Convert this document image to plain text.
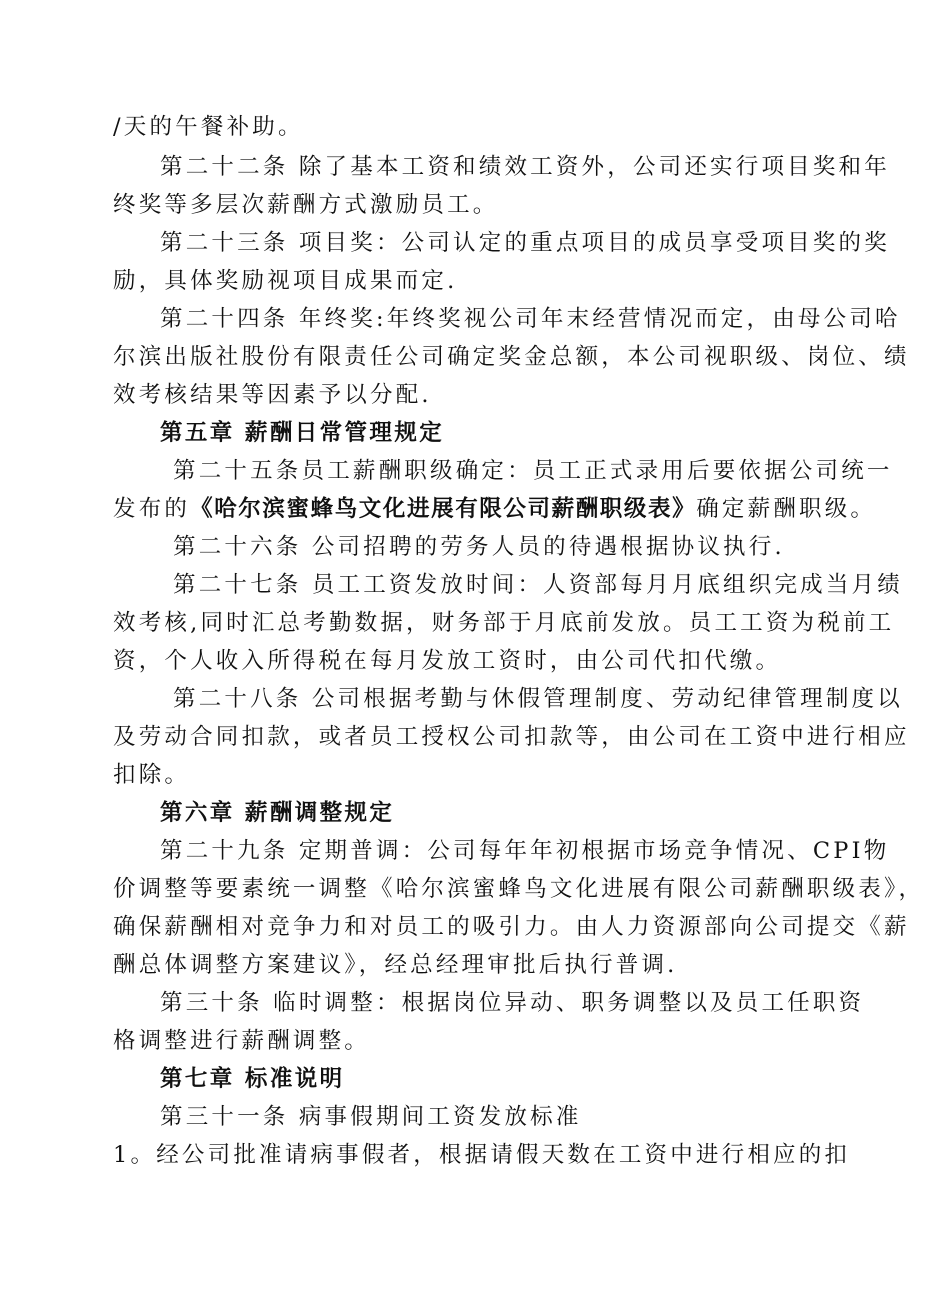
/天的午餐补助。
第二十二条 除了基本工资和绩效工资外，公司还实行项目奖和年
终奖等多层次薪酬方式激励员工。
第二十三条 项目奖：公司认定的重点项目的成员享受项目奖的奖
励，具体奖励视项目成果而定.
第二十四条 年终奖:年终奖视公司年末经营情况而定，由母公司哈
尔滨出版社股份有限责任公司确定奖金总额，本公司视职级、岗位、绩
效考核结果等因素予以分配.
第五章 薪酬日常管理规定
第二十五条员工薪酬职级确定：员工正式录用后要依据公司统一
发布的《哈尔滨蜜蜂鸟文化进展有限公司薪酬职级表》确定薪酬职级。
第二十六条 公司招聘的劳务人员的待遇根据协议执行.
第二十七条 员工工资发放时间：人资部每月月底组织完成当月绩
效考核,同时汇总考勤数据，财务部于月底前发放。员工工资为税前工
资，个人收入所得税在每月发放工资时，由公司代扣代缴。
第二十八条 公司根据考勤与休假管理制度、劳动纪律管理制度以
及劳动合同扣款，或者员工授权公司扣款等，由公司在工资中进行相应
扣除。
第六章 薪酬调整规定
第二十九条 定期普调：公司每年年初根据市场竞争情况、CPI物
价调整等要素统一调整《哈尔滨蜜蜂鸟文化进展有限公司薪酬职级表》，
确保薪酬相对竞争力和对员工的吸引力。由人力资源部向公司提交《薪
酬总体调整方案建议》，经总经理审批后执行普调.
第三十条 临时调整：根据岗位异动、职务调整以及员工任职资
格调整进行薪酬调整。
第七章 标准说明
第三十一条 病事假期间工资发放标准
1。经公司批准请病事假者，根据请假天数在工资中进行相应的扣
